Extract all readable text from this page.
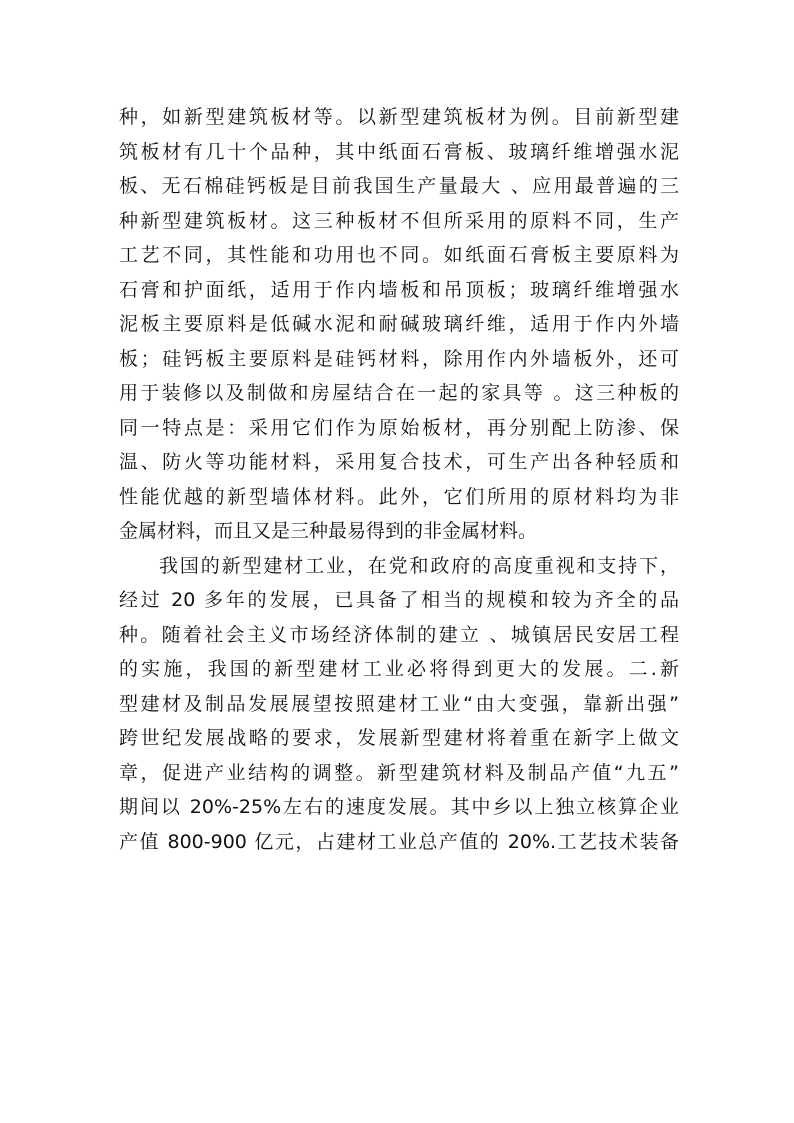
种，如新型建筑板材等。以新型建筑板材为例。目前新型建
筑板材有几十个品种，其中纸面石膏板、玻璃纤维增强水泥
板、无石棉硅钙板是目前我国生产量最大 、应用最普遍的三
种新型建筑板材。这三种板材不但所采用的原料不同，生产
工艺不同，其性能和功用也不同。如纸面石膏板主要原料为
石膏和护面纸，适用于作内墙板和吊顶板；玻璃纤维增强水
泥板主要原料是低碱水泥和耐碱玻璃纤维，适用于作内外墙
板；硅钙板主要原料是硅钙材料，除用作内外墙板外，还可
用于装修以及制做和房屋结合在一起的家具等 。这三种板的
同一特点是：采用它们作为原始板材，再分别配上防渗、保
温、防火等功能材料，采用复合技术，可生产出各种轻质和
性能优越的新型墙体材料。此外，它们所用的原材料均为非
金属材料，而且又是三种最易得到的非金属材料。
我国的新型建材工业，在党和政府的高度重视和支持下，
经过 20 多年的发展，已具备了相当的规模和较为齐全的品
种。随着社会主义市场经济体制的建立 、城镇居民安居工程
的实施，我国的新型建材工业必将得到更大的发展。二.新
型建材及制品发展展望按照建材工业“由大变强，靠新出强”
跨世纪发展战略的要求，发展新型建材将着重在新字上做文
章，促进产业结构的调整。新型建筑材料及制品产值“九五”
期间以 20%-25%左右的速度发展。其中乡以上独立核算企业
产值 800-900 亿元，占建材工业总产值的 20%.工艺技术装备
